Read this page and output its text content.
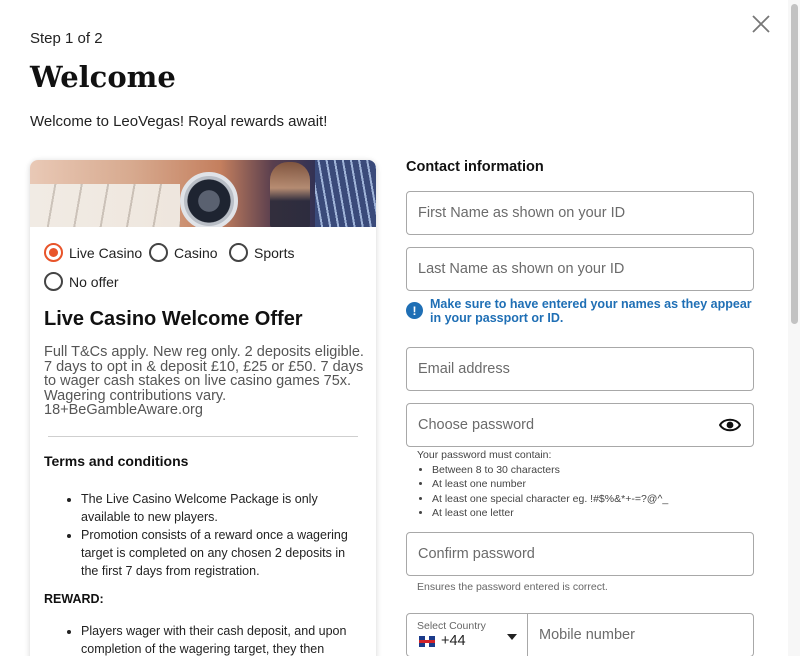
Step 1 of 2
Welcome
Welcome to LeoVegas! Royal rewards await!
Live Casino Casino	Sports
No offer
Live Casino Welcome Offer
Full T&Cs apply. New reg only. 2 deposits eligible. 7 days to opt in & deposit £10, £25 or £50. 7 days to wager cash stakes on live casino games 75x. Wagering contributions vary. 18+BeGambleAware.org
Terms and conditions
• The Live Casino Welcome Package is only available to new players.
• Promotion consists of a reward once a wagering target is completed on any chosen 2 deposits in the first 7 days from registration.
REWARD:
• Players wager with their cash deposit, and upon completion of the wagering target, they then
Contact information
First Name as shown on your ID
Last Name as shown on your ID
!	Make sure to have entered your names as they appear in your passport or ID.
Email address
Your password must contain:
• Between 8 to 30 characters
• At least one number
• At least one special character eg. !#$%&*+-=?@^_
• At least one letter
Ensures the password entered is correct.
Select Country
+44
Mobile number
